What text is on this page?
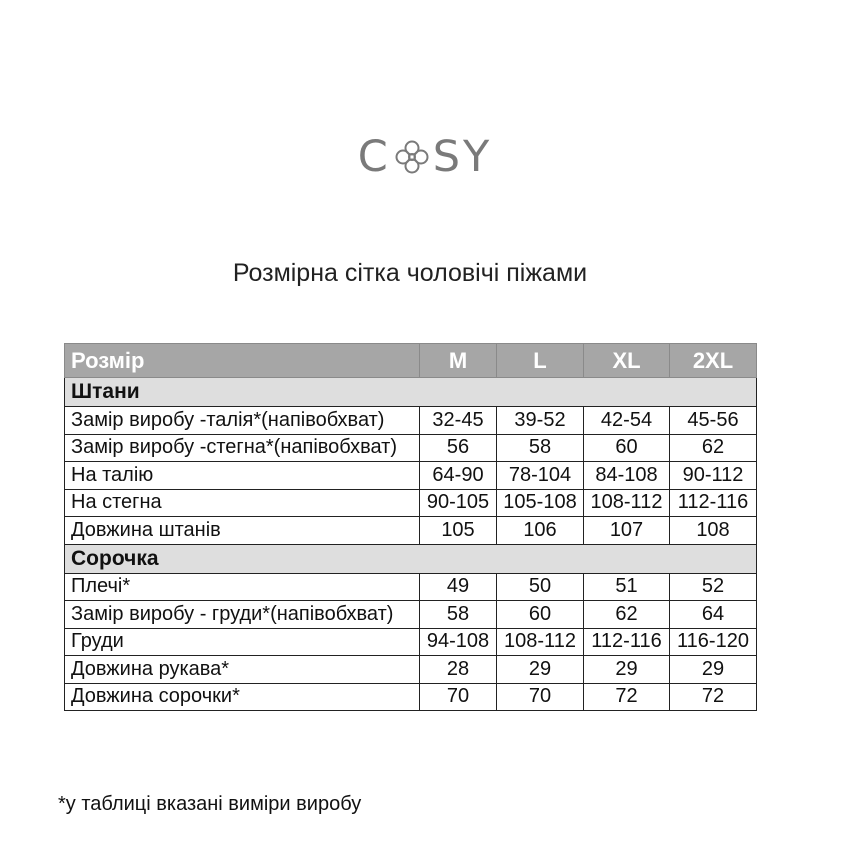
C SY
Розмірна сітка чоловічі піжами
Розмір	M	L	XL	2XL
Штани				
Замір виробу -талія*(напівобхват)	32-45	39-52	42-54	45-56
Замір виробу -стегна*(напівобхват)	56	58	60	62
На талію	64-90	78-104	84-108	90-112
На стегна	90-105	105-108	108-112	112-116
Довжина штанів	105	106	107	108
Сорочка				
Плечі*	49	50	51	52
Замір виробу - груди*(напівобхват)	58	60	62	64
Груди	94-108	108-112	112-116	116-120
Довжина рукава*	28	29	29	29
Довжина сорочки*	70	70	72	72
*у таблиці вказані виміри виробу
